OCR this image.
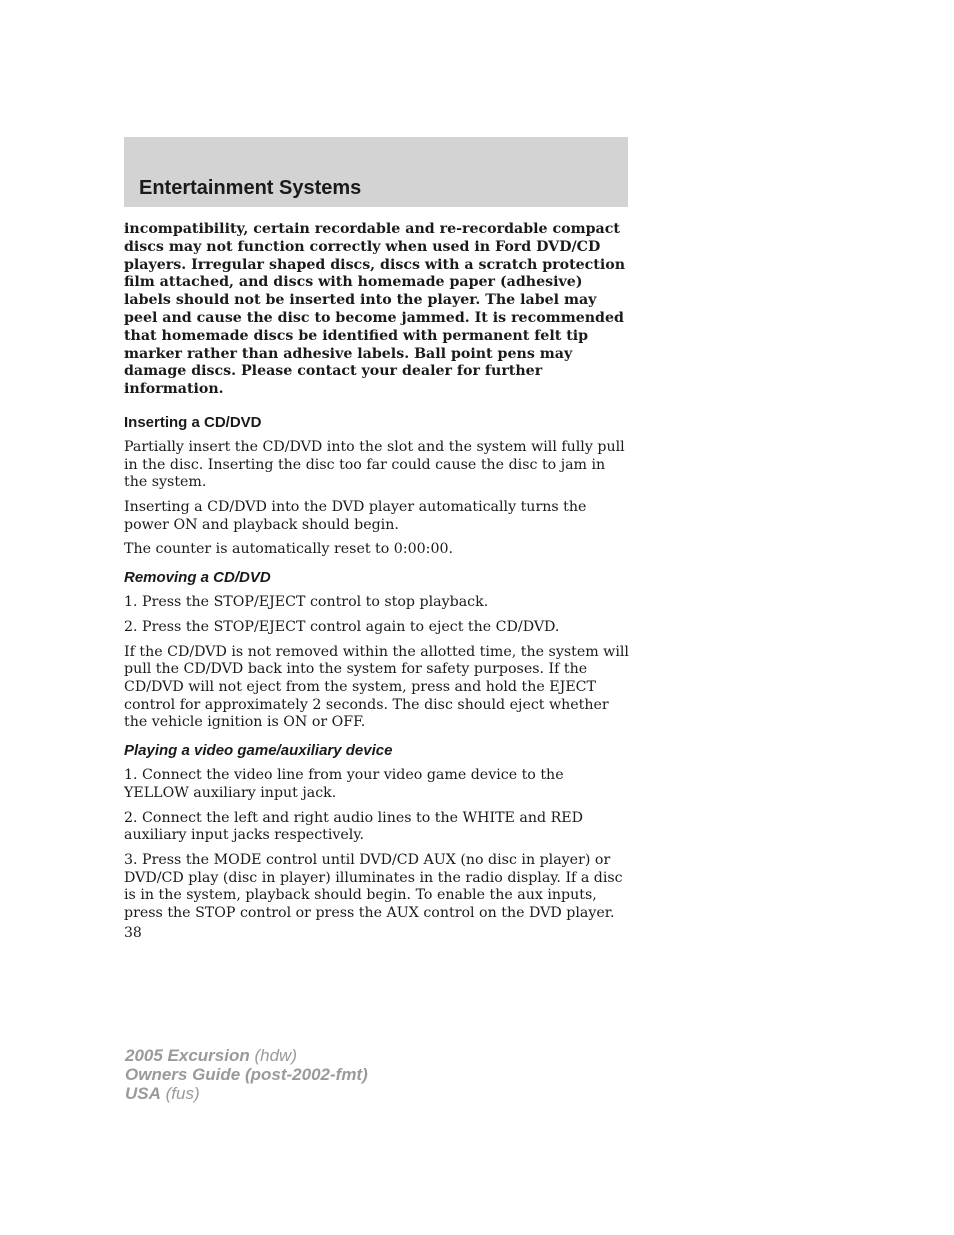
Entertainment Systems

incompatibility, certain recordable and re-recordable compact discs may not function correctly when used in Ford DVD/CD players. Irregular shaped discs, discs with a scratch protection film attached, and discs with homemade paper (adhesive) labels should not be inserted into the player. The label may peel and cause the disc to become jammed. It is recommended that homemade discs be identified with permanent felt tip marker rather than adhesive labels. Ball point pens may damage discs. Please contact your dealer for further information.

Inserting a CD/DVD

Partially insert the CD/DVD into the slot and the system will fully pull in the disc. Inserting the disc too far could cause the disc to jam in the system.

Inserting a CD/DVD into the DVD player automatically turns the power ON and playback should begin.

The counter is automatically reset to 0:00:00.

Removing a CD/DVD

1. Press the STOP/EJECT control to stop playback.

2. Press the STOP/EJECT control again to eject the CD/DVD.

If the CD/DVD is not removed within the allotted time, the system will pull the CD/DVD back into the system for safety purposes. If the CD/DVD will not eject from the system, press and hold the EJECT control for approximately 2 seconds. The disc should eject whether the vehicle ignition is ON or OFF.

Playing a video game/auxiliary device

1. Connect the video line from your video game device to the YELLOW auxiliary input jack.

2. Connect the left and right audio lines to the WHITE and RED auxiliary input jacks respectively.

3. Press the MODE control until DVD/CD AUX (no disc in player) or DVD/CD play (disc in player) illuminates in the radio display. If a disc is in the system, playback should begin. To enable the aux inputs, press the STOP control or press the AUX control on the DVD player.

38
2005 Excursion (hdw)
Owners Guide (post-2002-fmt)
USA (fus)
